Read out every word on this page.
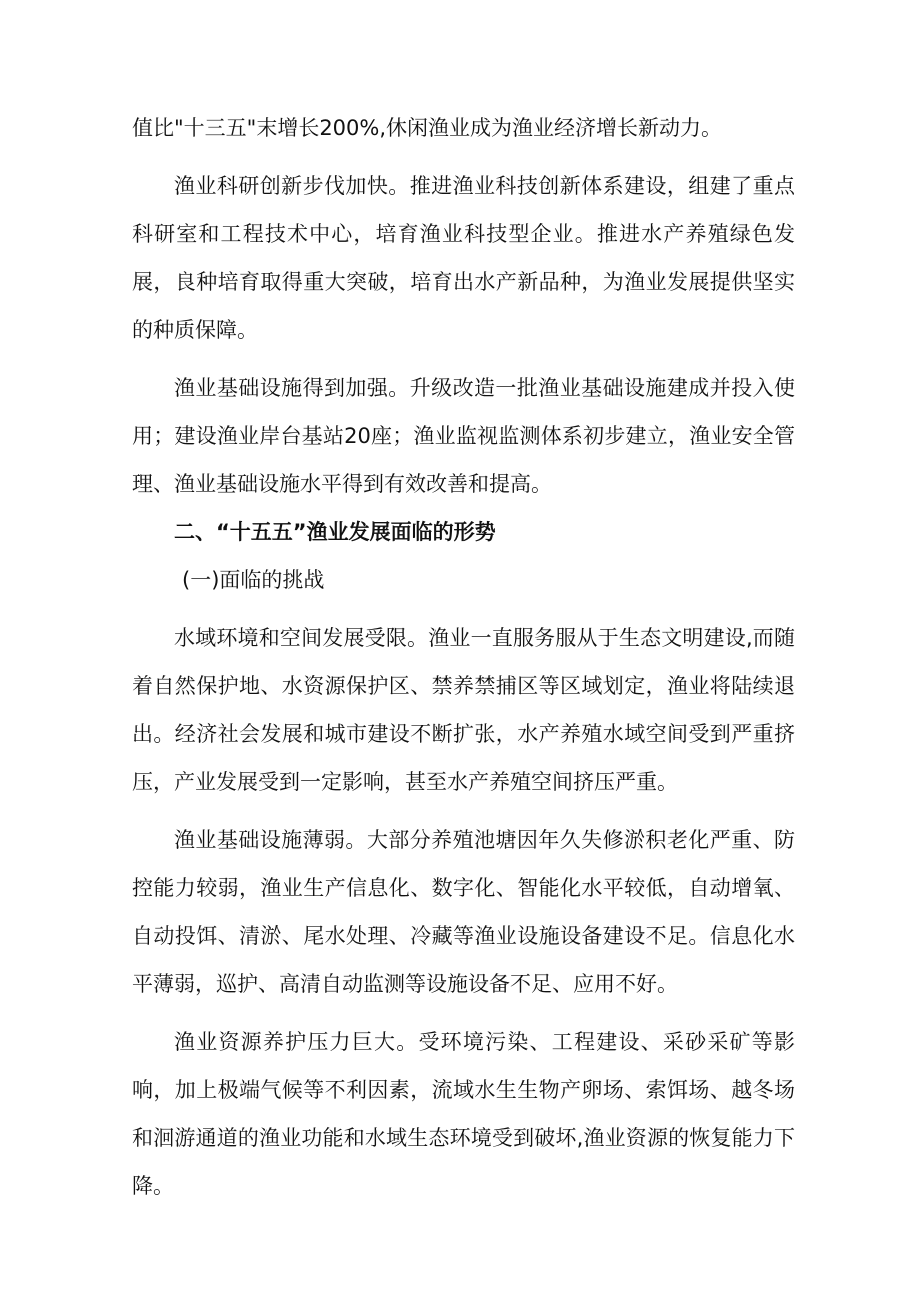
值比"十三五"末增长200%,休闲渔业成为渔业经济增长新动力。

渔业科研创新步伐加快。推进渔业科技创新体系建设，组建了重点科研室和工程技术中心，培育渔业科技型企业。推进水产养殖绿色发展，良种培育取得重大突破，培育出水产新品种，为渔业发展提供坚实的种质保障。

渔业基础设施得到加强。升级改造一批渔业基础设施建成并投入使用；建设渔业岸台基站20座；渔业监视监测体系初步建立，渔业安全管理、渔业基础设施水平得到有效改善和提高。

二、“十五五”渔业发展面临的形势

(一)面临的挑战

水域环境和空间发展受限。渔业一直服务服从于生态文明建设,而随着自然保护地、水资源保护区、禁养禁捕区等区域划定，渔业将陆续退出。经济社会发展和城市建设不断扩张，水产养殖水域空间受到严重挤压，产业发展受到一定影响，甚至水产养殖空间挤压严重。

渔业基础设施薄弱。大部分养殖池塘因年久失修淤积老化严重、防控能力较弱，渔业生产信息化、数字化、智能化水平较低，自动增氧、自动投饵、清淤、尾水处理、冷藏等渔业设施设备建设不足。信息化水平薄弱，巡护、高清自动监测等设施设备不足、应用不好。

渔业资源养护压力巨大。受环境污染、工程建设、采砂采矿等影响，加上极端气候等不利因素，流域水生生物产卵场、索饵场、越冬场和洄游通道的渔业功能和水域生态环境受到破坏,渔业资源的恢复能力下降。
